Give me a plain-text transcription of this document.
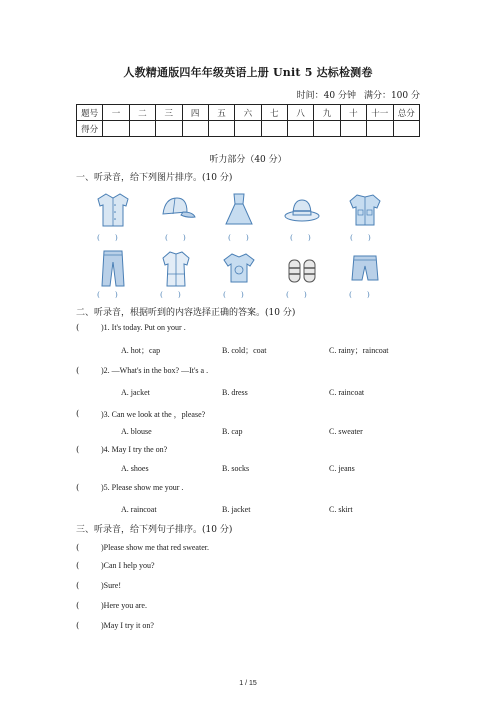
人教精通版四年年级英语上册 Unit 5 达标检测卷
时间：40 分钟 满分：100 分
题号	一	二	三	四	五	六	七	八	九	十	十一	总分
得分												
听力部分（40 分）
一、听录音，给下列图片排序。(10 分)
(　　)	(　　)	(　　)	(　　)	(　　)
(　　)	(　　)	(　　)	(　　)	(　　)
二、听录音，根据听到的内容选择正确的答案。(10 分)
(	)1. It's today. Put on your .
A. hot；cap	B. cold；coat	C. rainy；raincoat
(	)2. —What's in the box? —It's a .
A. jacket	B. dress	C. raincoat
(	)3. Can we look at the ，please?
A. blouse	B. cap	C. sweater
(	)4. May I try the on?
A. shoes	B. socks	C. jeans
(	)5. Please show me your .
A. raincoat	B. jacket	C. skirt
三、听录音，给下列句子排序。(10 分)
(	)Please show me that red sweater.
(	)Can I help you?
(	)Sure!
(	)Here you are.
(	)May I try it on?
1 / 15
